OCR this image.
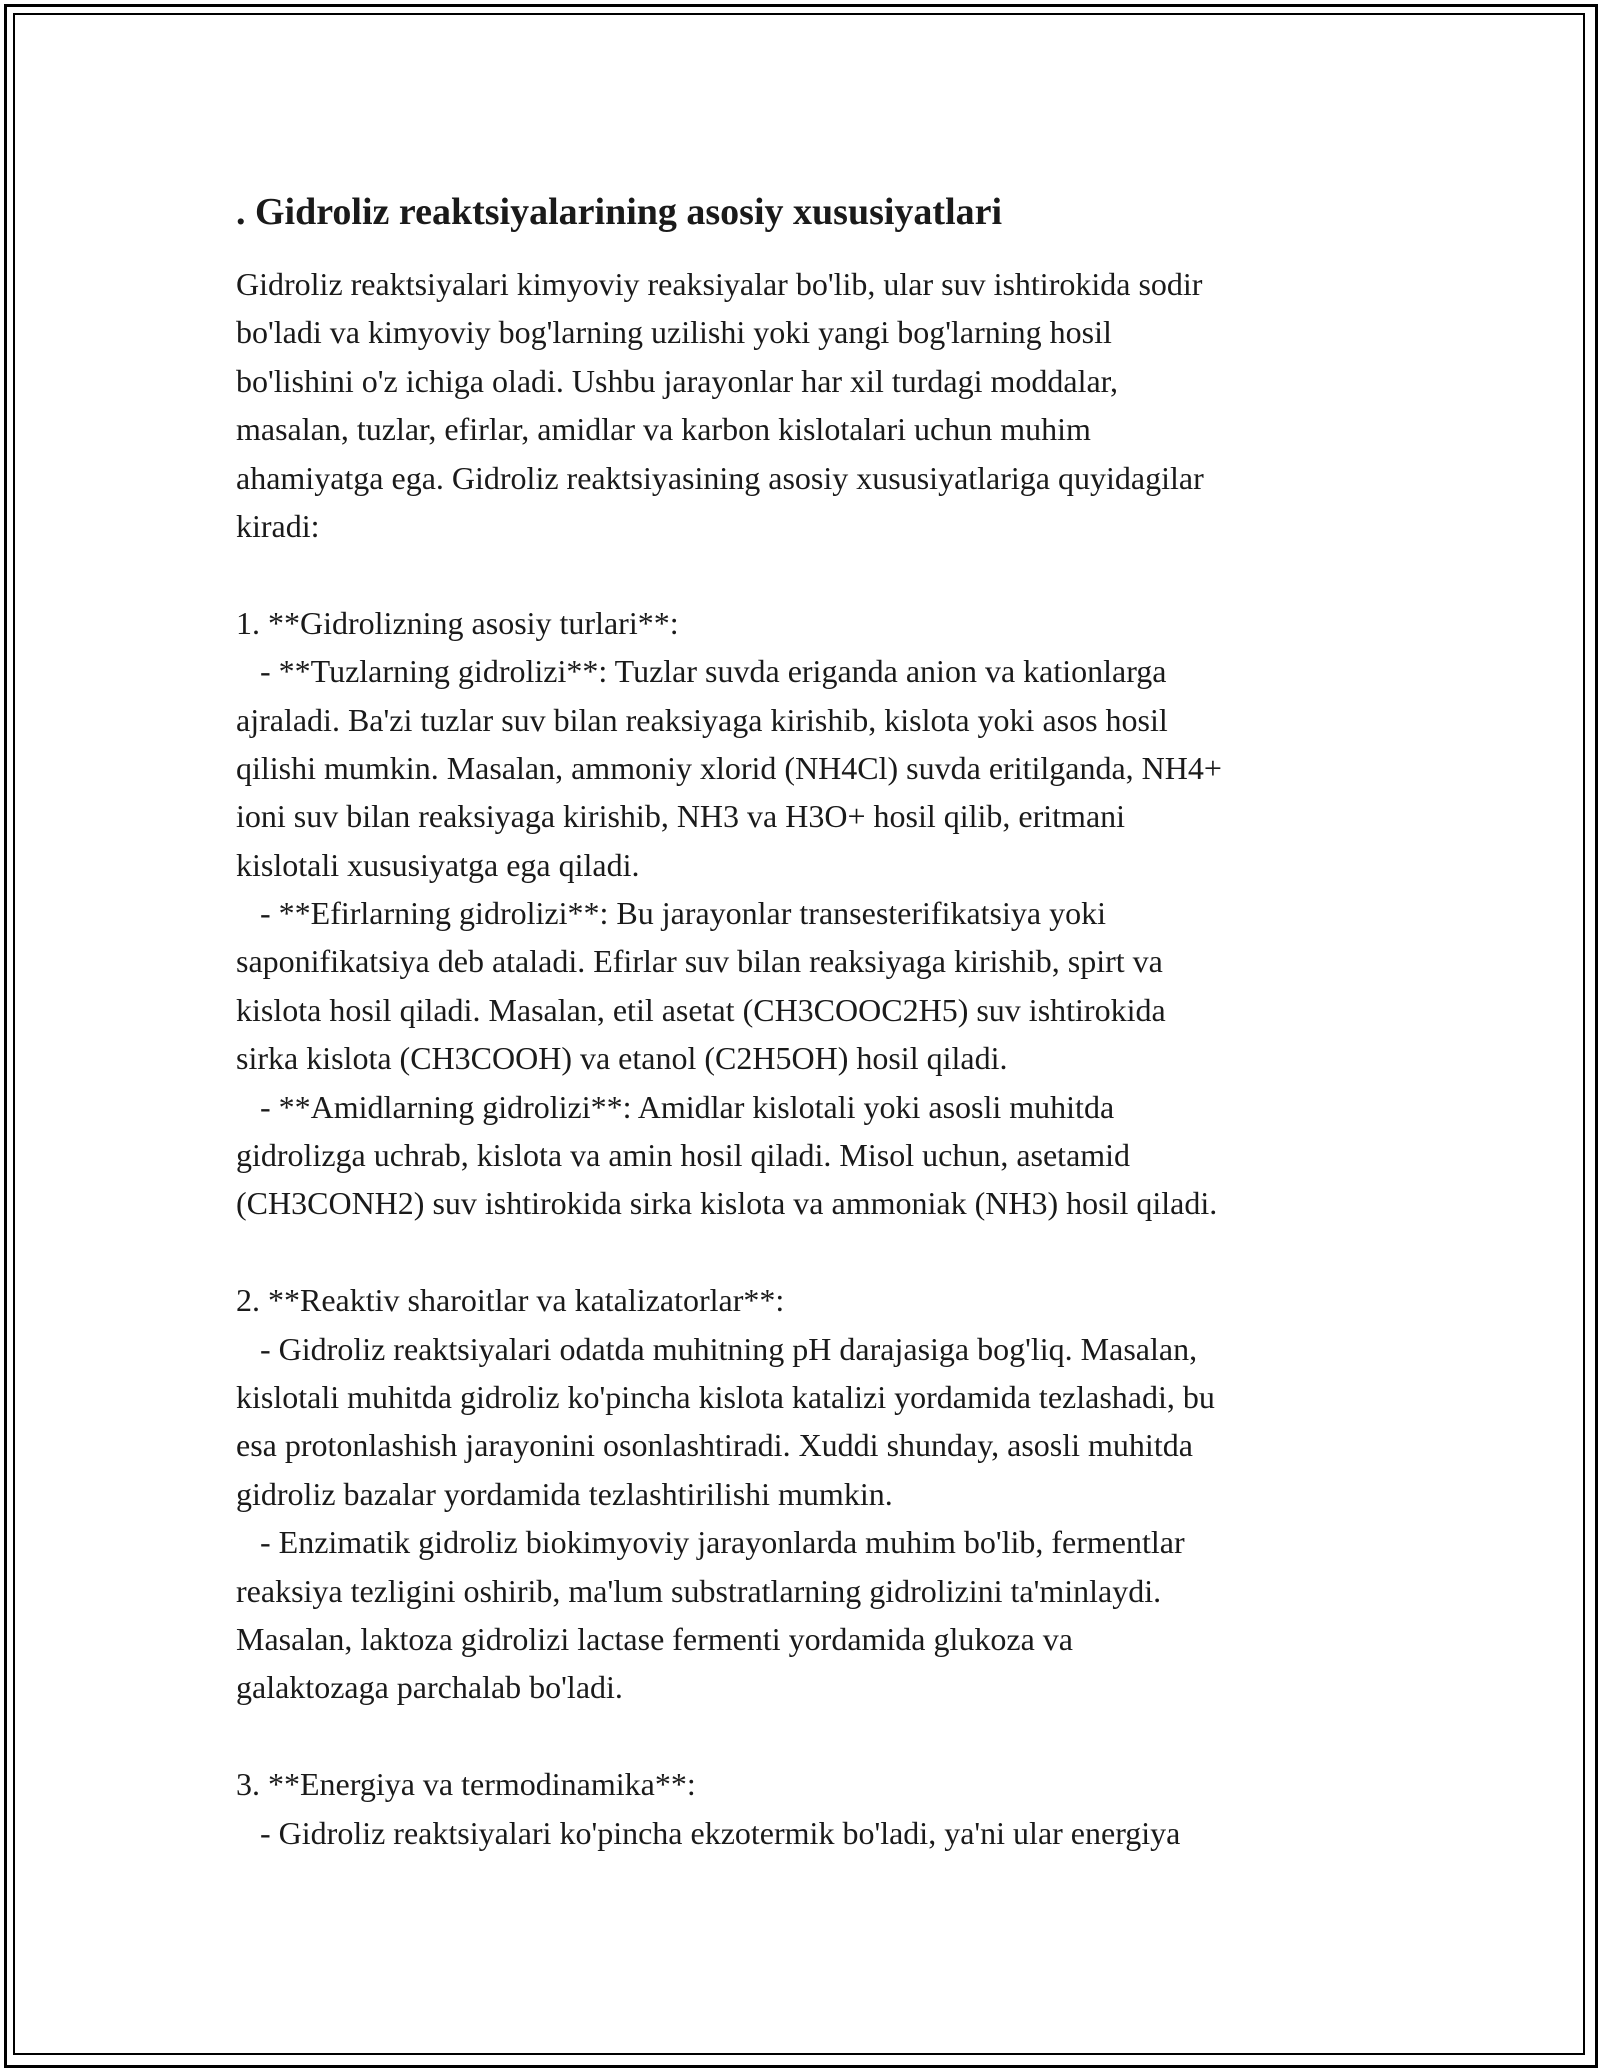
. Gidroliz reaktsiyalarining asosiy xususiyatlari
Gidroliz reaktsiyalari kimyoviy reaksiyalar bo'lib, ular suv ishtirokida sodir
bo'ladi va kimyoviy bog'larning uzilishi yoki yangi bog'larning hosil
bo'lishini o'z ichiga oladi. Ushbu jarayonlar har xil turdagi moddalar,
masalan, tuzlar, efirlar, amidlar va karbon kislotalari uchun muhim
ahamiyatga ega. Gidroliz reaktsiyasining asosiy xususiyatlariga quyidagilar
kiradi:
1. **Gidrolizning asosiy turlari**:
- **Tuzlarning gidrolizi**: Tuzlar suvda eriganda anion va kationlarga
ajraladi. Ba'zi tuzlar suv bilan reaksiyaga kirishib, kislota yoki asos hosil
qilishi mumkin. Masalan, ammoniy xlorid (NH4Cl) suvda eritilganda, NH4+
ioni suv bilan reaksiyaga kirishib, NH3 va H3O+ hosil qilib, eritmani
kislotali xususiyatga ega qiladi.
- **Efirlarning gidrolizi**: Bu jarayonlar transesterifikatsiya yoki
saponifikatsiya deb ataladi. Efirlar suv bilan reaksiyaga kirishib, spirt va
kislota hosil qiladi. Masalan, etil asetat (CH3COOC2H5) suv ishtirokida
sirka kislota (CH3COOH) va etanol (C2H5OH) hosil qiladi.
- **Amidlarning gidrolizi**: Amidlar kislotali yoki asosli muhitda
gidrolizga uchrab, kislota va amin hosil qiladi. Misol uchun, asetamid
(CH3CONH2) suv ishtirokida sirka kislota va ammoniak (NH3) hosil qiladi.
2. **Reaktiv sharoitlar va katalizatorlar**:
- Gidroliz reaktsiyalari odatda muhitning pH darajasiga bog'liq. Masalan,
kislotali muhitda gidroliz ko'pincha kislota katalizi yordamida tezlashadi, bu
esa protonlashish jarayonini osonlashtiradi. Xuddi shunday, asosli muhitda
gidroliz bazalar yordamida tezlashtirilishi mumkin.
- Enzimatik gidroliz biokimyoviy jarayonlarda muhim bo'lib, fermentlar
reaksiya tezligini oshirib, ma'lum substratlarning gidrolizini ta'minlaydi.
Masalan, laktoza gidrolizi lactase fermenti yordamida glukoza va
galaktozaga parchalab bo'ladi.
3. **Energiya va termodinamika**:
- Gidroliz reaktsiyalari ko'pincha ekzotermik bo'ladi, ya'ni ular energiya
